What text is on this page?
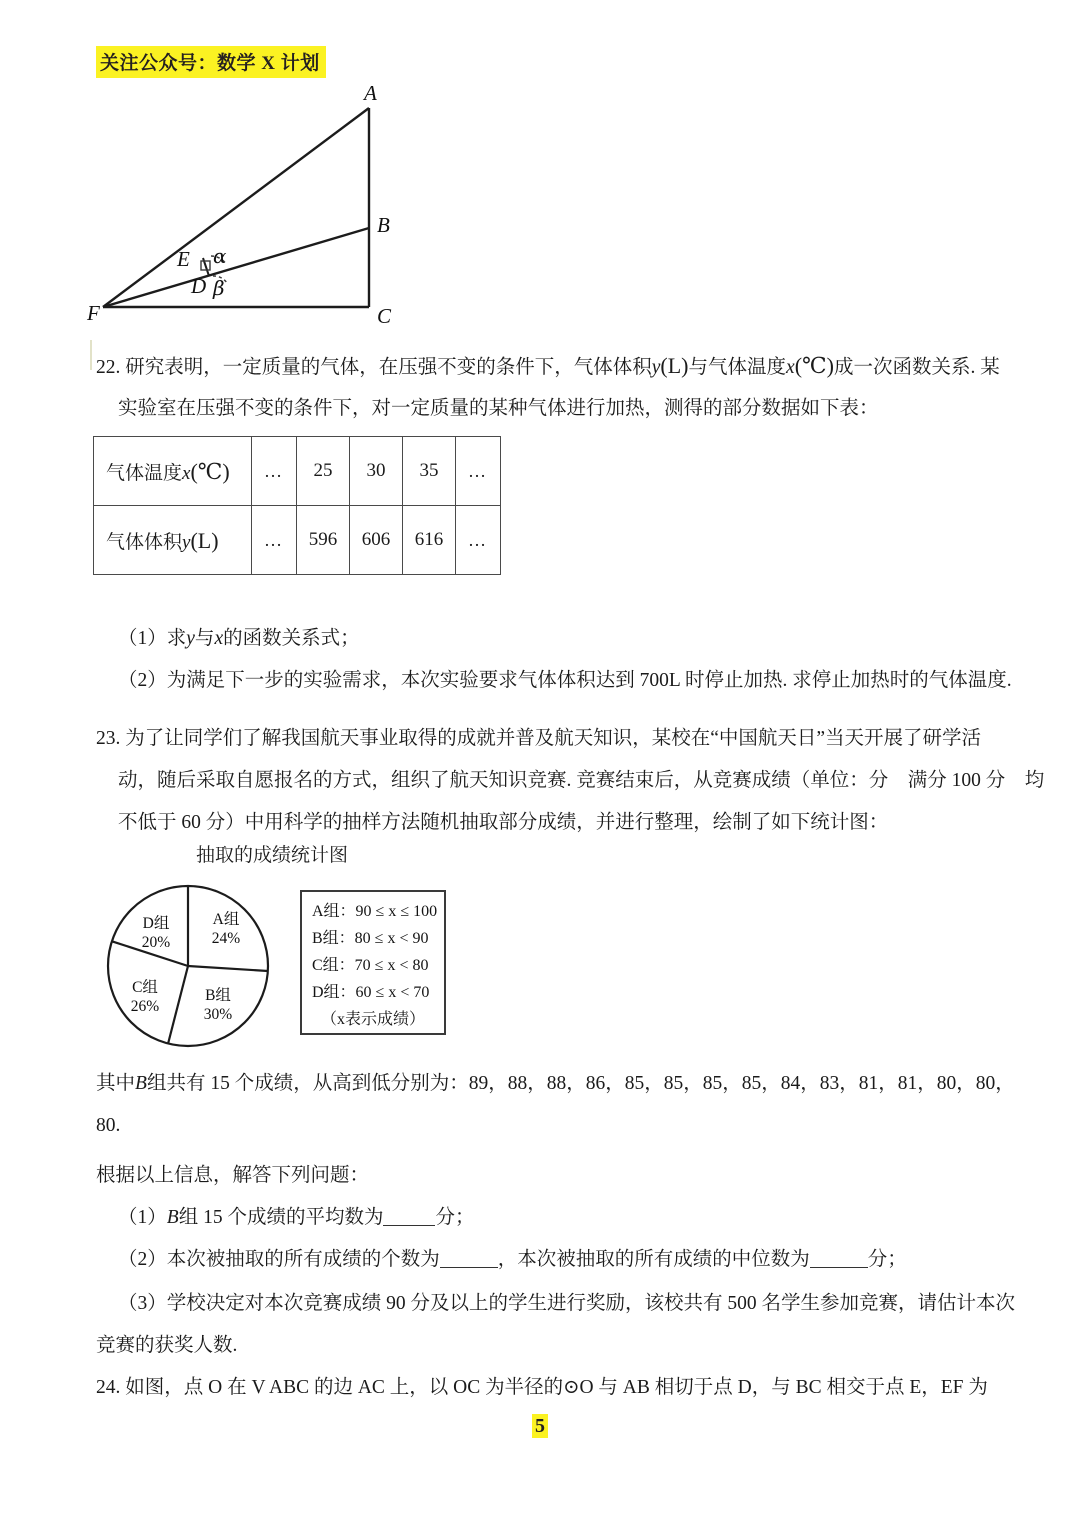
关注公众号：数学 X 计划
A
B
C
D
E
F
α
β
22. 研究表明，一定质量的气体，在压强不变的条件下，气体体积y(L)与气体温度x(℃)成一次函数关系. 某
实验室在压强不变的条件下，对一定质量的某种气体进行加热，测得的部分数据如下表：
气体温度x(℃)	…	25	30	35	…
气体体积y(L)	…	596	606	616	…
（1）求y与x的函数关系式；
（2）为满足下一步的实验需求，本次实验要求气体体积达到 700L 时停止加热. 求停止加热时的气体温度.
23. 为了让同学们了解我国航天事业取得的成就并普及航天知识，某校在“中国航天日”当天开展了研学活
动，随后采取自愿报名的方式，组织了航天知识竞赛. 竞赛结束后，从竞赛成绩（单位：分　满分 100 分　均
不低于 60 分）中用科学的抽样方法随机抽取部分成绩，并进行整理，绘制了如下统计图：
抽取的成绩统计图
A组
24%
B组
30%
C组
26%
D组
20%
A组：90 ≤ x ≤ 100
B组：80 ≤ x < 90
C组：70 ≤ x < 80
D组：60 ≤ x < 70
（x表示成绩）
其中B组共有 15 个成绩，从高到低分别为：89，88，88，86，85，85，85，85，84，83，81，81，80，80，
80.
根据以上信息，解答下列问题：
（1）B组 15 个成绩的平均数为	分；
（2）本次被抽取的所有成绩的个数为	，本次被抽取的所有成绩的中位数为	分；
（3）学校决定对本次竞赛成绩 90 分及以上的学生进行奖励，该校共有 500 名学生参加竞赛，请估计本次
竞赛的获奖人数.
24. 如图，点 O 在 V ABC 的边 AC 上，以 OC 为半径的⊙O 与 AB 相切于点 D，与 BC 相交于点 E，EF 为
5
